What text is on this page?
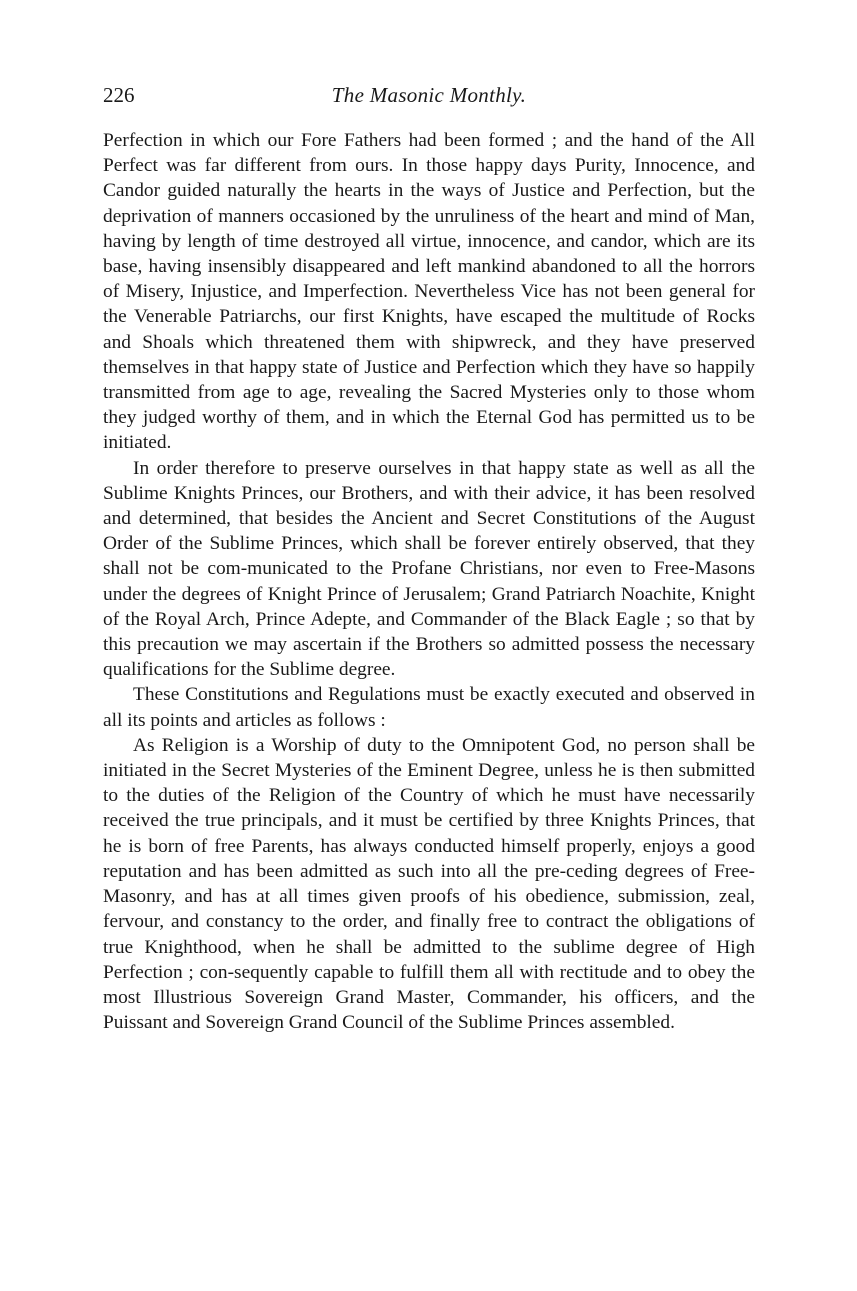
226	The Masonic Monthly.

Perfection in which our Fore Fathers had been formed ; and the hand of the All Perfect was far different from ours. In those happy days Purity, Innocence, and Candor guided naturally the hearts in the ways of Justice and Perfection, but the deprivation of manners occasioned by the unruliness of the heart and mind of Man, having by length of time destroyed all virtue, innocence, and candor, which are its base, having insensibly disappeared and left mankind abandoned to all the horrors of Misery, Injustice, and Imperfection. Nevertheless Vice has not been general for the Venerable Patriarchs, our first Knights, have escaped the multitude of Rocks and Shoals which threatened them with shipwreck, and they have preserved themselves in that happy state of Justice and Perfection which they have so happily transmitted from age to age, revealing the Sacred Mysteries only to those whom they judged worthy of them, and in which the Eternal God has permitted us to be initiated.

In order therefore to preserve ourselves in that happy state as well as all the Sublime Knights Princes, our Brothers, and with their advice, it has been resolved and determined, that besides the Ancient and Secret Constitutions of the August Order of the Sublime Princes, which shall be forever entirely observed, that they shall not be com-municated to the Profane Christians, nor even to Free-Masons under the degrees of Knight Prince of Jerusalem; Grand Patriarch Noachite, Knight of the Royal Arch, Prince Adepte, and Commander of the Black Eagle ; so that by this precaution we may ascertain if the Brothers so admitted possess the necessary qualifications for the Sublime degree.

These Constitutions and Regulations must be exactly executed and observed in all its points and articles as follows :

As Religion is a Worship of duty to the Omnipotent God, no person shall be initiated in the Secret Mysteries of the Eminent Degree, unless he is then submitted to the duties of the Religion of the Country of which he must have necessarily received the true principals, and it must be certified by three Knights Princes, that he is born of free Parents, has always conducted himself properly, enjoys a good reputation and has been admitted as such into all the pre-ceding degrees of Free-Masonry, and has at all times given proofs of his obedience, submission, zeal, fervour, and constancy to the order, and finally free to contract the obligations of true Knighthood, when he shall be admitted to the sublime degree of High Perfection ; con-sequently capable to fulfill them all with rectitude and to obey the most Illustrious Sovereign Grand Master, Commander, his officers, and the Puissant and Sovereign Grand Council of the Sublime Princes assembled.
